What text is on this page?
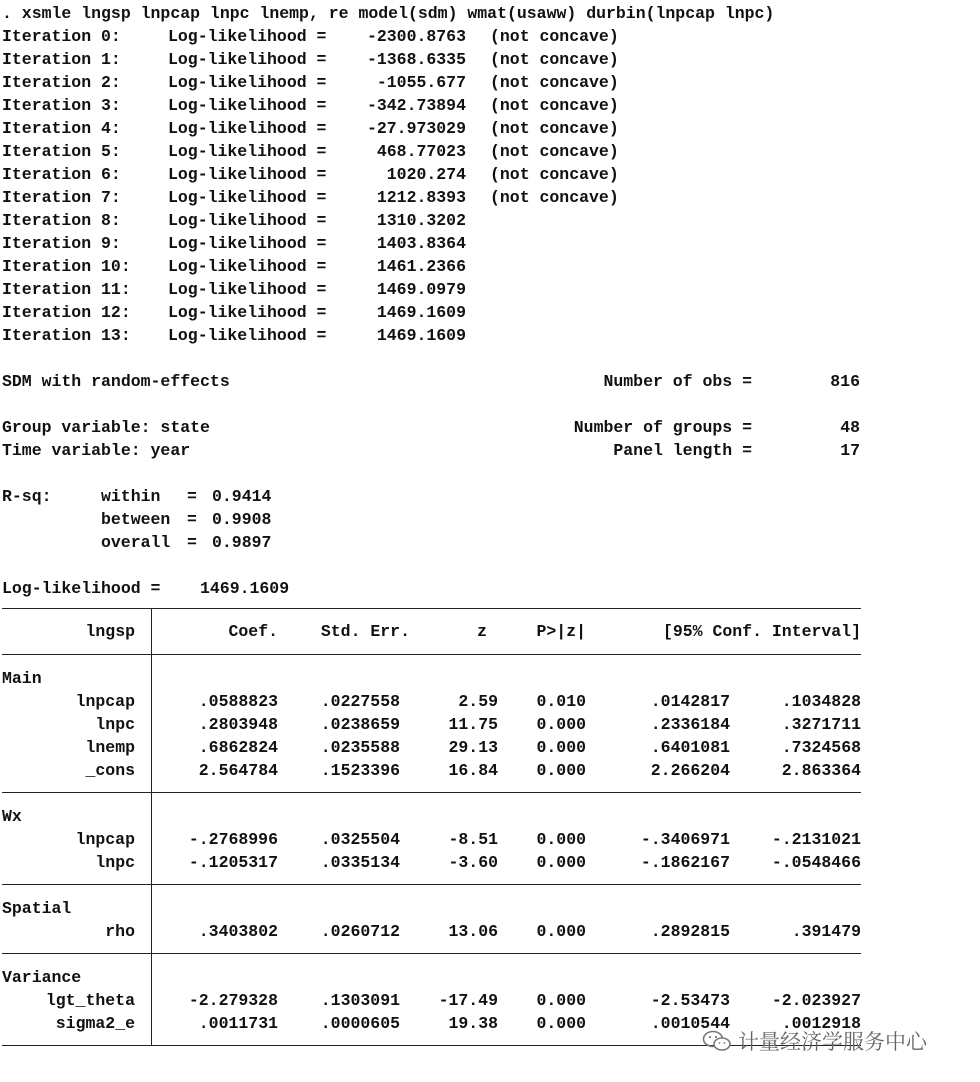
. xsmle lngsp lnpcap lnpc lnemp, re model(sdm) wmat(usaww) durbin(lnpcap lnpc)
Iteration 0:	Log-likelihood =	-2300.8763 (not concave)
Iteration 1:	Log-likelihood =	-1368.6335 (not concave)
Iteration 2:	Log-likelihood =	-1055.677 (not concave)
Iteration 3:	Log-likelihood =	-342.73894 (not concave)
Iteration 4:	Log-likelihood =	-27.973029 (not concave)
Iteration 5:	Log-likelihood =	468.77023 (not concave)
Iteration 6:	Log-likelihood =	1020.274 (not concave)
Iteration 7:	Log-likelihood =	1212.8393 (not concave)
Iteration 8:	Log-likelihood =	1310.3202
Iteration 9:	Log-likelihood =	1403.8364
Iteration 10: Log-likelihood =	1461.2366
Iteration 11: Log-likelihood =	1469.0979
Iteration 12: Log-likelihood =	1469.1609
Iteration 13: Log-likelihood =	1469.1609
SDM with random-effects	Number of obs =	816
Group variable: state	Number of groups =	48
Time variable: year	Panel length =	17
R-sq:	within = 0.9414
between = 0.9908
overall = 0.9897
Log-likelihood = 1469.1609
lngsp	Coef.	Std. Err.	z	P>|z|	[95% Conf. Interval]
Main
lnpcap	.0588823	.0227558	2.59	0.010	.0142817	.1034828
lnpc	.2803948	.0238659	11.75	0.000	.2336184	.3271711
lnemp	.6862824	.0235588	29.13	0.000	.6401081	.7324568
_cons	2.564784	.1523396	16.84	0.000	2.266204	2.863364
Wx
lnpcap	-.2768996	.0325504	-8.51	0.000	-.3406971	-.2131021
lnpc	-.1205317	.0335134	-3.60	0.000	-.1862167	-.0548466
Spatial
rho	.3403802	.0260712	13.06	0.000	.2892815	.391479
Variance
lgt_theta	-2.279328	.1303091	-17.49	0.000	-2.53473	-2.023927
sigma2_e	.0011731	.0000605	19.38	0.000	.0010544	.0012918
计量经济学服务中心
